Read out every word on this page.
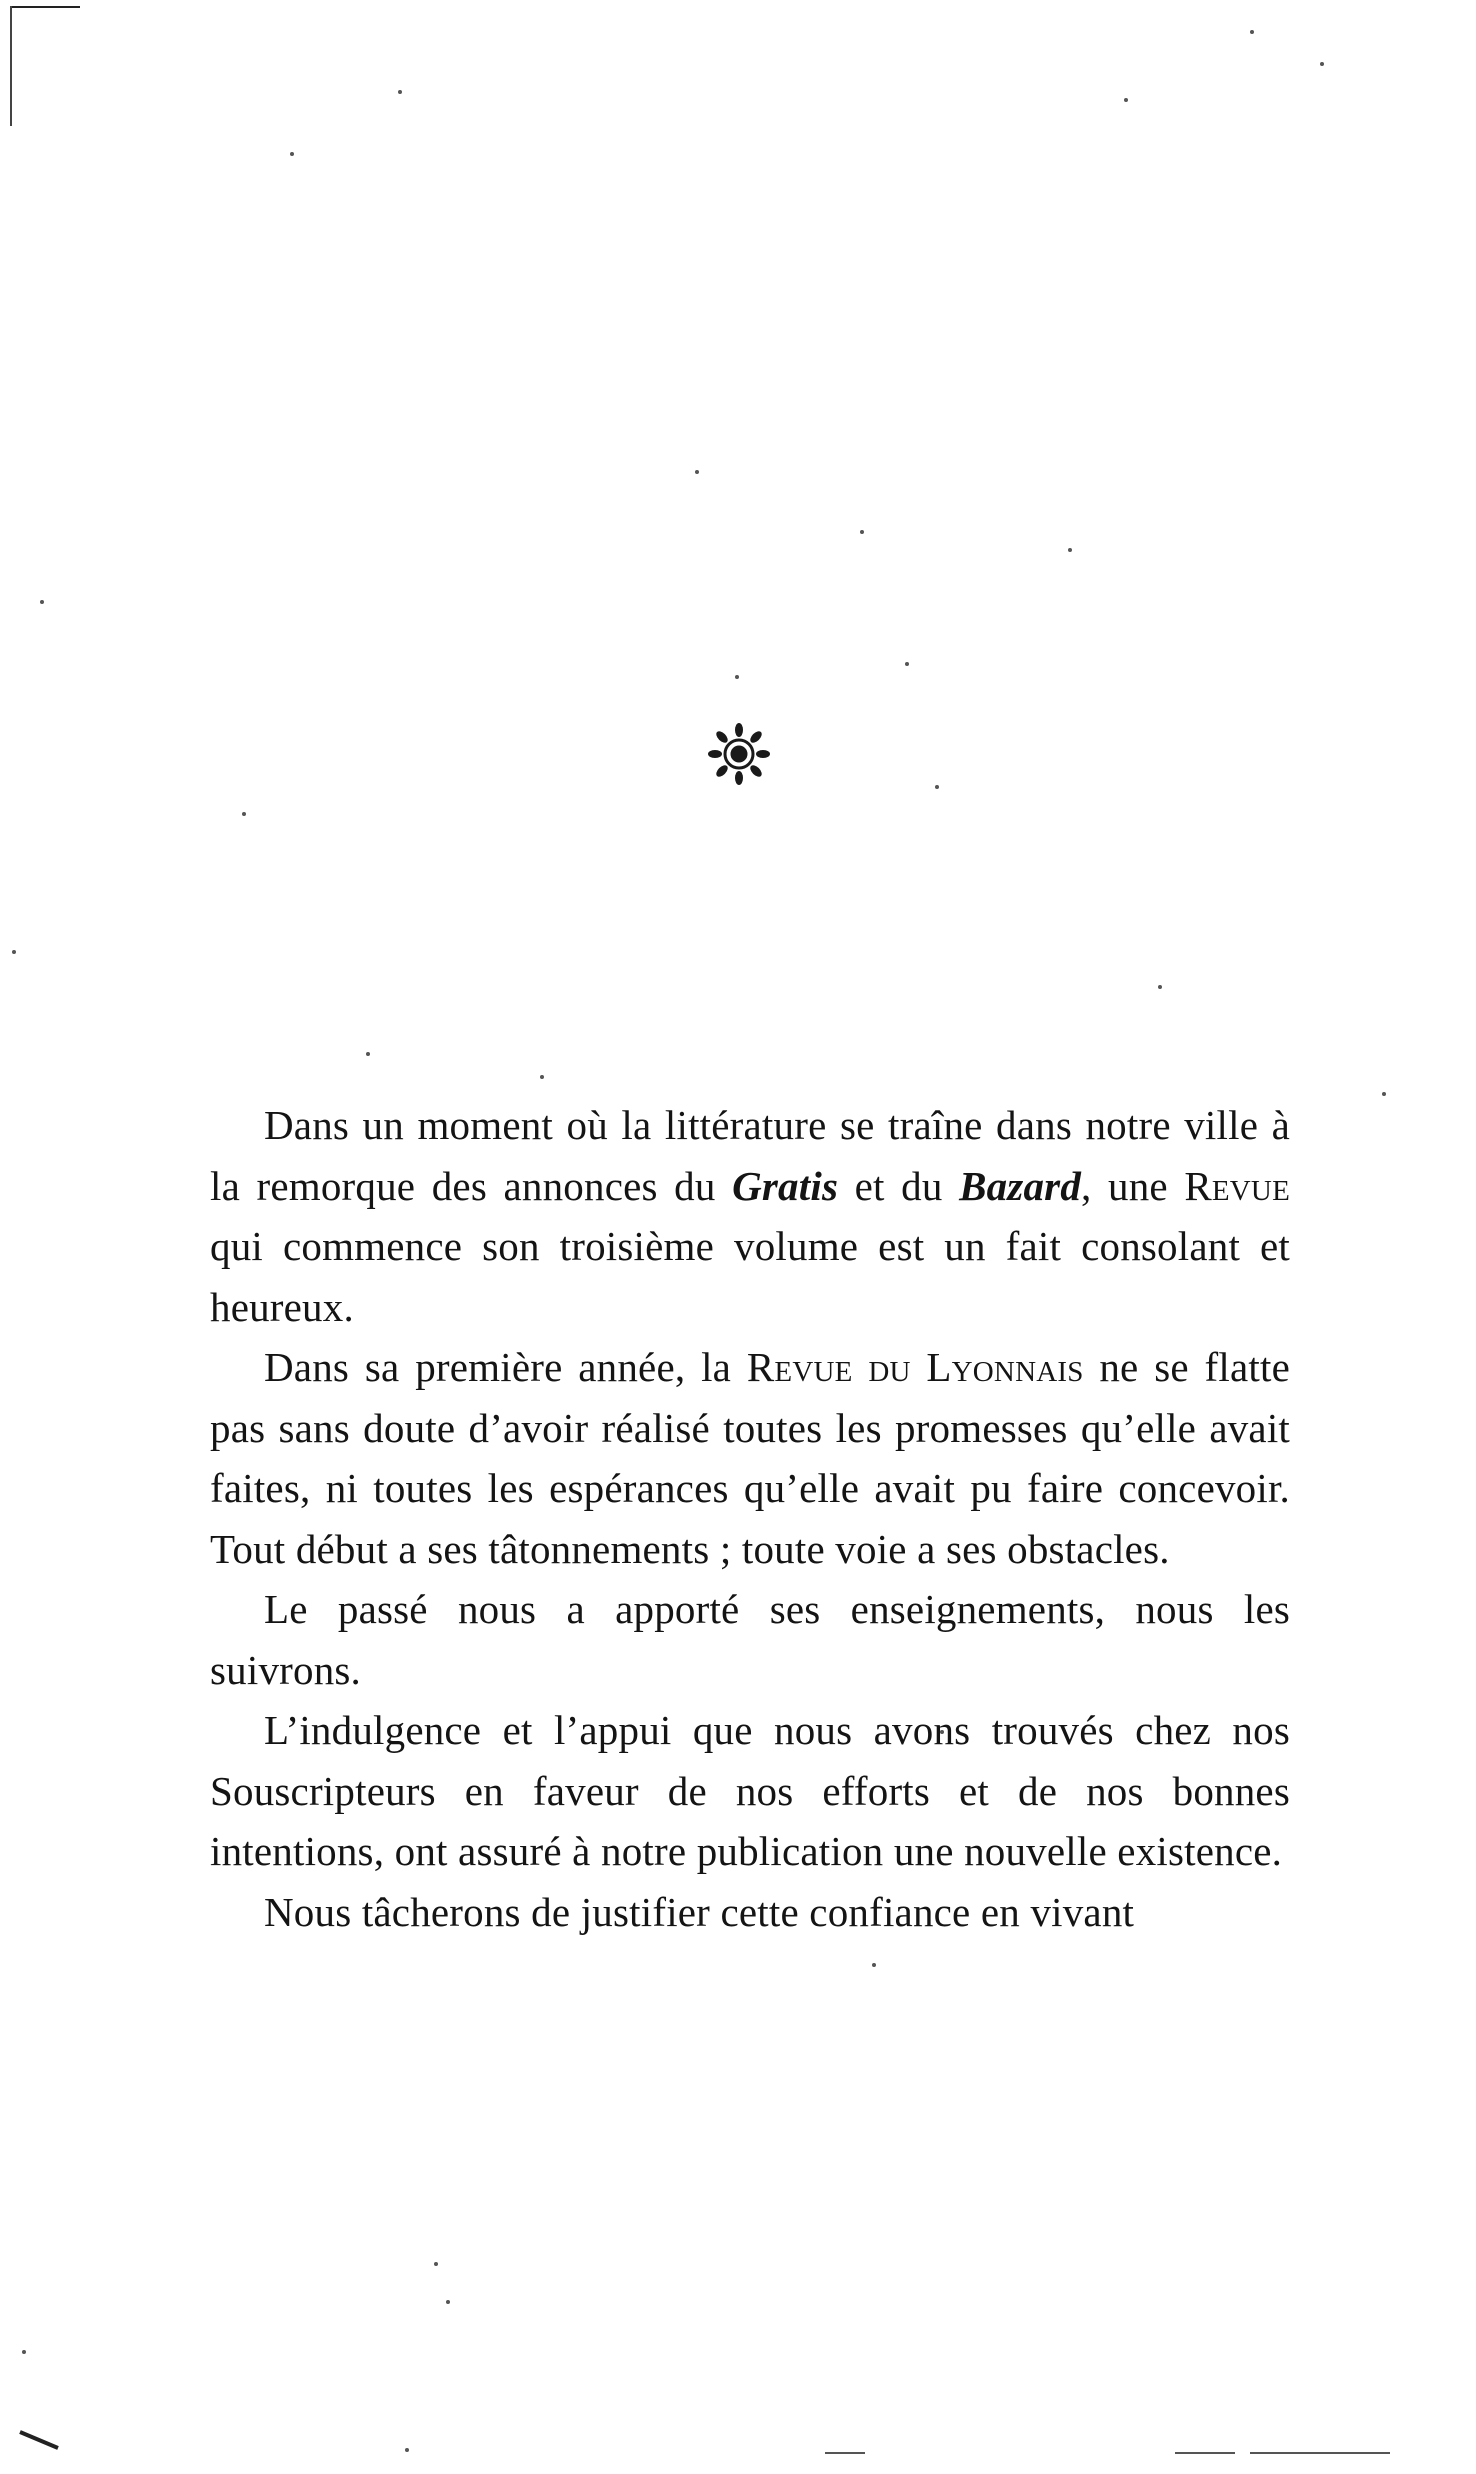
Dans un moment où la littérature se traîne dans notre ville à la remorque des annonces du Gratis et du Bazard, une Revue qui commence son troisième volume est un fait consolant et heureux.

Dans sa première année, la Revue du Lyonnais ne se flatte pas sans doute d’avoir réalisé toutes les promesses qu’elle avait faites, ni toutes les espérances qu’elle avait pu faire concevoir. Tout début a ses tâtonnements ; toute voie a ses obstacles.

Le passé nous a apporté ses enseignements, nous les suivrons.

L’indulgence et l’appui que nous avons trouvés chez nos Souscripteurs en faveur de nos efforts et de nos bonnes intentions, ont assuré à notre publication une nouvelle existence.

Nous tâcherons de justifier cette confiance en vivant
